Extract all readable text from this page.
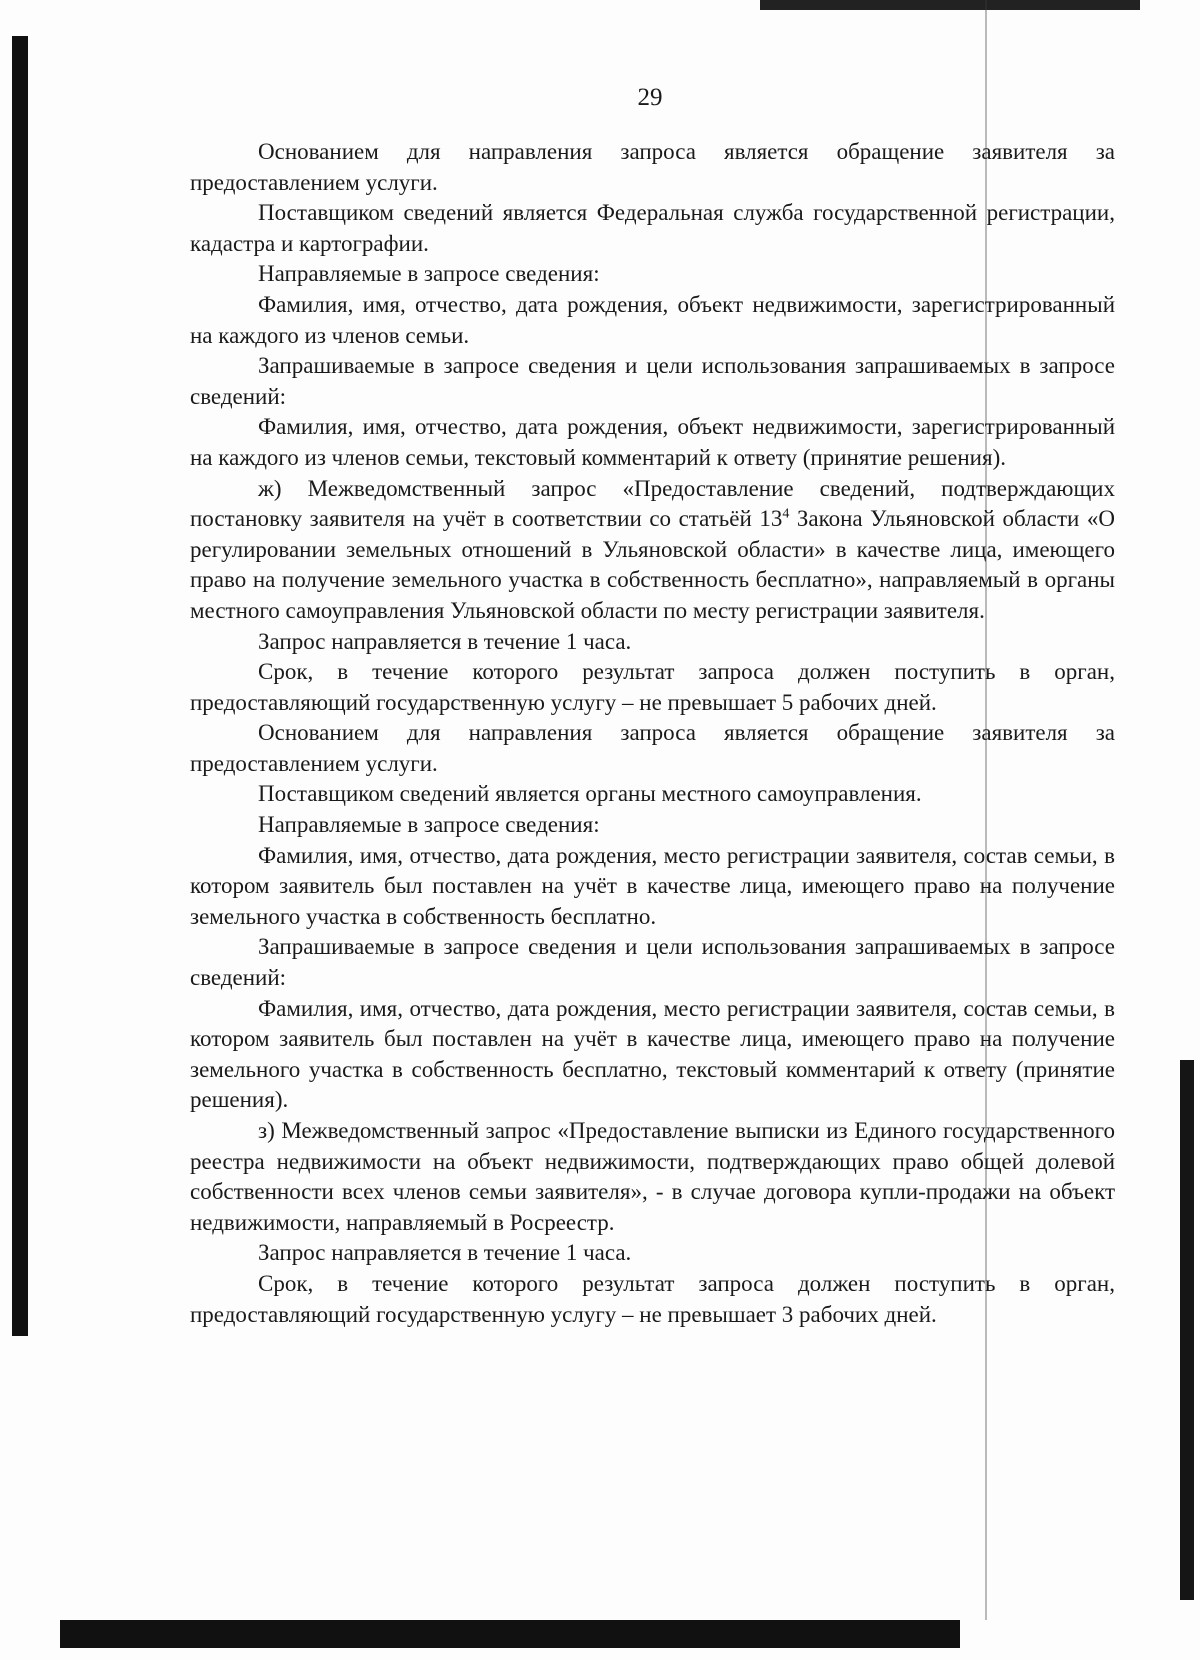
29

Основанием для направления запроса является обращение заявителя за предоставлением услуги.

Поставщиком сведений является Федеральная служба государственной регистрации, кадастра и картографии.

Направляемые в запросе сведения:

Фамилия, имя, отчество, дата рождения, объект недвижимости, зарегистрированный на каждого из членов семьи.

Запрашиваемые в запросе сведения и цели использования запрашиваемых в запросе сведений:

Фамилия, имя, отчество, дата рождения, объект недвижимости, зарегистрированный на каждого из членов семьи, текстовый комментарий к ответу (принятие решения).

ж) Межведомственный запрос «Предоставление сведений, подтверждающих постановку заявителя на учёт в соответствии со статьёй $13^4$ Закона Ульяновской области «О регулировании земельных отношений в Ульяновской области» в качестве лица, имеющего право на получение земельного участка в собственность бесплатно», направляемый в органы местного самоуправления Ульяновской области по месту регистрации заявителя.

Запрос направляется в течение 1 часа.

Срок, в течение которого результат запроса должен поступить в орган, предоставляющий государственную услугу – не превышает 5 рабочих дней.

Основанием для направления запроса является обращение заявителя за предоставлением услуги.

Поставщиком сведений является органы местного самоуправления.

Направляемые в запросе сведения:

Фамилия, имя, отчество, дата рождения, место регистрации заявителя, состав семьи, в котором заявитель был поставлен на учёт в качестве лица, имеющего право на получение земельного участка в собственность бесплатно.

Запрашиваемые в запросе сведения и цели использования запрашиваемых в запросе сведений:

Фамилия, имя, отчество, дата рождения, место регистрации заявителя, состав семьи, в котором заявитель был поставлен на учёт в качестве лица, имеющего право на получение земельного участка в собственность бесплатно, текстовый комментарий к ответу (принятие решения).

з) Межведомственный запрос «Предоставление выписки из Единого государственного реестра недвижимости на объект недвижимости, подтверждающих право общей долевой собственности всех членов семьи заявителя», - в случае договора купли-продажи на объект недвижимости, направляемый в Росреестр.

Запрос направляется в течение 1 часа.

Срок, в течение которого результат запроса должен поступить в орган, предоставляющий государственную услугу – не превышает 3 рабочих дней.
